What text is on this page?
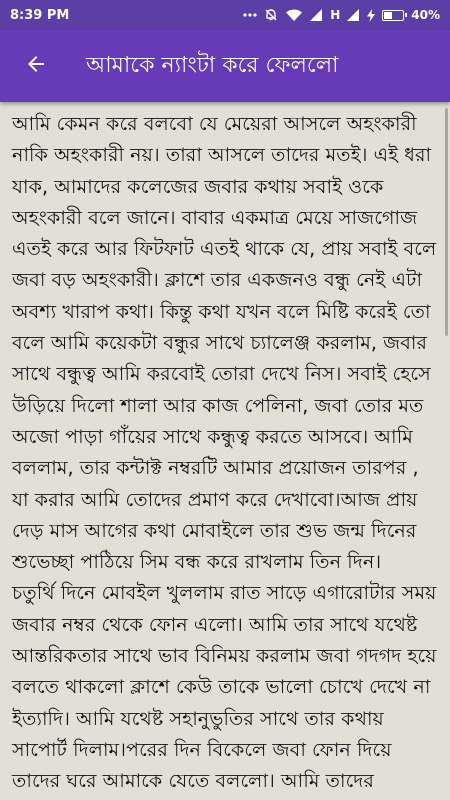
8:39 PM	H	40%
আমাকে ন্যাংটা করে ফেললো

আমি কেমন করে বলবো যে মেয়েরা আসলে অহংকারী নাকি অহংকারী নয়। তারা আসলে তাদের মতই। এই ধরা যাক, আমাদের কলেজের জবার কথায় সবাই ওকে অহংকারী বলে জানে। বাবার একমাত্র মেয়ে সাজগোজ এতই করে আর ফিটফাট এতই থাকে যে, প্রায় সবাই বলে জবা বড় অহংকারী। ক্লাশে তার একজনও বন্ধু নেই এটা অবশ্য খারাপ কথা। কিন্তু কথা যখন বলে মিষ্টি করেই তো বলে আমি কয়েকটা বন্ধুর সাথে চ্যালেঞ্জ করলাম, জবার সাথে বন্ধুত্ব আমি করবোই তোরা দেখে নিস। সবাই হেসে উড়িয়ে দিলো শালা আর কাজ পেলিনা, জবা তোর মত অজো পাড়া গাঁয়ের সাথে কন্ধুত্ব করতে আসবে। আমি বললাম, তার কন্টাক্ট নম্বরটি আমার প্রয়োজন তারপর , যা করার আমি তোদের প্রমাণ করে দেখাবো।আজ প্রায় দেড় মাস আগের কথা মোবাইলে তার শুভ জন্ম দিনের শুভেচ্ছা পাঠিয়ে সিম বন্ধ করে রাখলাম তিন দিন।
চতুর্থি দিনে মোবইল খুললাম রাত সাড়ে এগারোটার সময় জবার নম্বর থেকে ফোন এলো। আমি তার সাথে যথেষ্ট আন্তরিকতার সাথে ভাব বিনিময় করলাম জবা গদগদ হয়ে বলতে থাকলো ক্লাশে কেউ তাকে ভালো চোখে দেখে না ইত্যাদি। আমি যথেষ্ট সহানুভুতির সাথে তার কথায় সাপোর্ট দিলাম।পরের দিন বিকেলে জবা ফোন দিয়ে তাদের ঘরে আমাকে যেতে বললো। আমি তাদের
